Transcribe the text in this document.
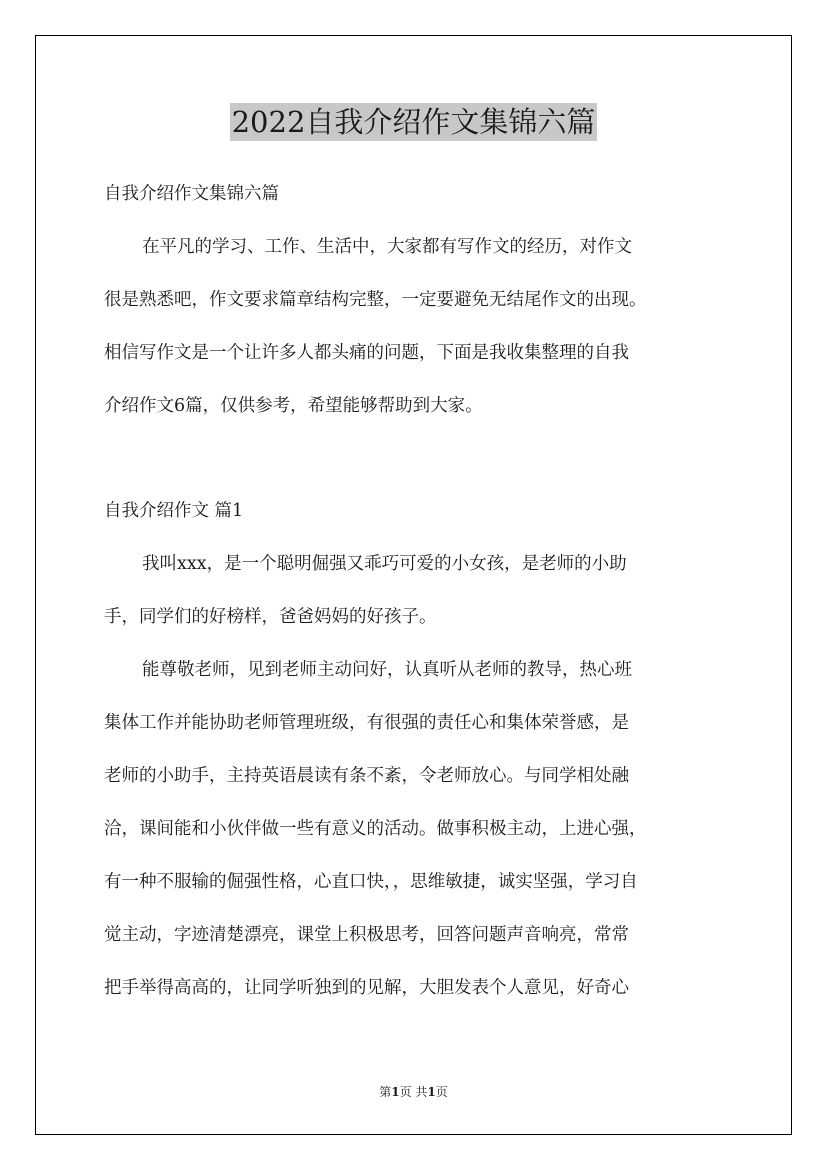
2022自我介绍作文集锦六篇
自我介绍作文集锦六篇
在平凡的学习、工作、生活中，大家都有写作文的经历，对作文
很是熟悉吧，作文要求篇章结构完整，一定要避免无结尾作文的出现。
相信写作文是一个让许多人都头痛的问题，下面是我收集整理的自我
介绍作文6篇，仅供参考，希望能够帮助到大家。
自我介绍作文 篇1
我叫xxx，是一个聪明倔强又乖巧可爱的小女孩，是老师的小助
手，同学们的好榜样，爸爸妈妈的好孩子。
能尊敬老师，见到老师主动问好，认真听从老师的教导，热心班
集体工作并能协助老师管理班级，有很强的责任心和集体荣誉感，是
老师的小助手，主持英语晨读有条不紊，令老师放心。与同学相处融
洽，课间能和小伙伴做一些有意义的活动。做事积极主动，上进心强，
有一种不服输的倔强性格，心直口快，，思维敏捷，诚实坚强，学习自
觉主动，字迹清楚漂亮，课堂上积极思考，回答问题声音响亮，常常
把手举得高高的，让同学听独到的见解，大胆发表个人意见，好奇心
第1页 共1页
